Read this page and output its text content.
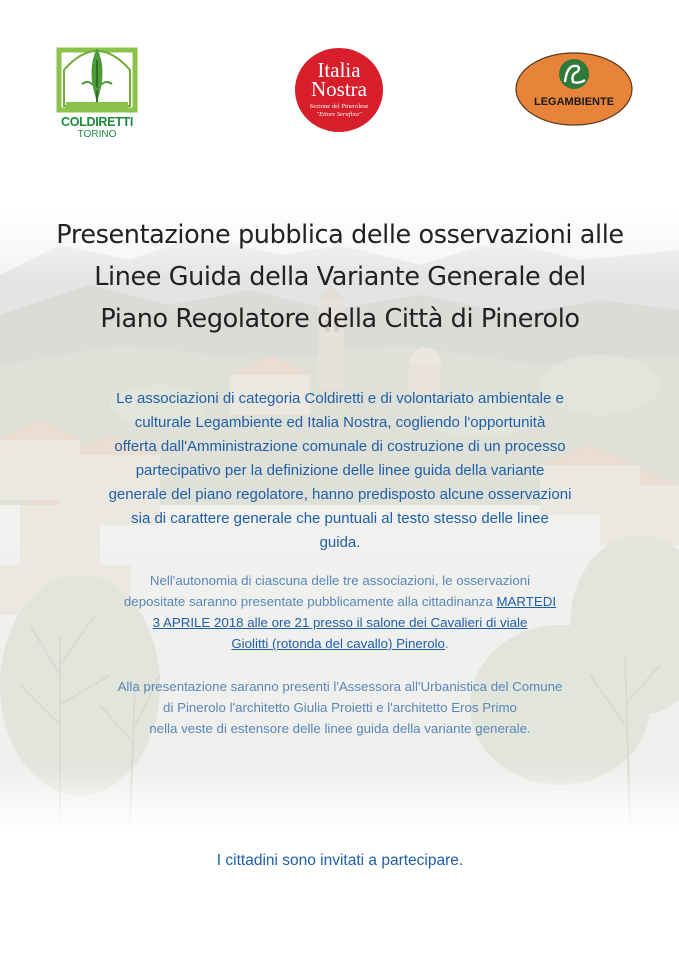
COLDIRETTI
TORINO
Italia
Nostra
Sezione del Pinerolese
"Ettore Serafino"
LEGAMBIENTE
Presentazione pubblica delle osservazioni alle
Linee Guida della Variante Generale del
Piano Regolatore della Città di Pinerolo
Le associazioni di categoria Coldiretti e di volontariato ambientale e
culturale Legambiente ed Italia Nostra, cogliendo l'opportunità
offerta dall'Amministrazione comunale di costruzione di un processo
partecipativo per la definizione delle linee guida della variante
generale del piano regolatore, hanno predisposto alcune osservazioni
sia di carattere generale che puntuali al testo stesso delle linee
guida.
Nell'autonomia di ciascuna delle tre associazioni, le osservazioni
depositate saranno presentate pubblicamente alla cittadinanza MARTEDI
3 APRILE 2018 alle ore 21 presso il salone dei Cavalieri di viale
Giolitti (rotonda del cavallo) Pinerolo.
Alla presentazione saranno presenti l'Assessora all'Urbanistica del Comune
di Pinerolo l'architetto Giulia Proietti e l'architetto Eros Primo
nella veste di estensore delle linee guida della variante generale.
I cittadini sono invitati a partecipare.
